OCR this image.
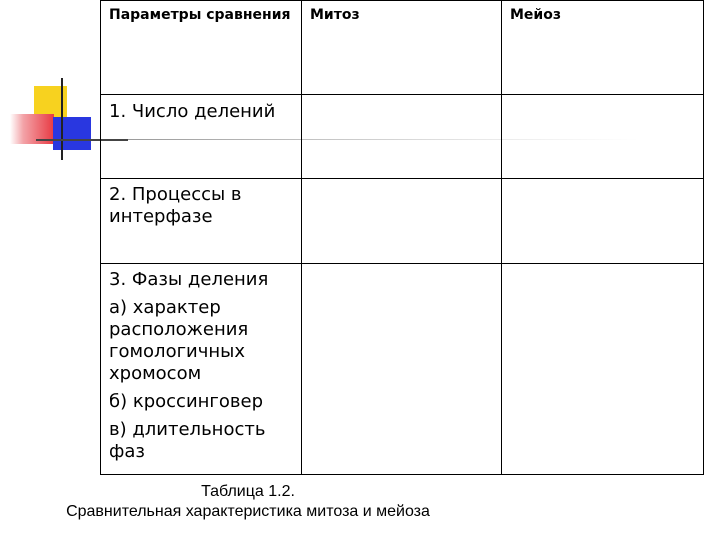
Параметры сравнения	Митоз	Мейоз

1. Число делений		

2. Процессы в интерфазе		

3. Фазы деления

а) характер расположения гомологичных хромосом

б) кроссинговер

в) длительность фаз		

Таблица 1.2.
Сравнительная характеристика митоза и мейоза
